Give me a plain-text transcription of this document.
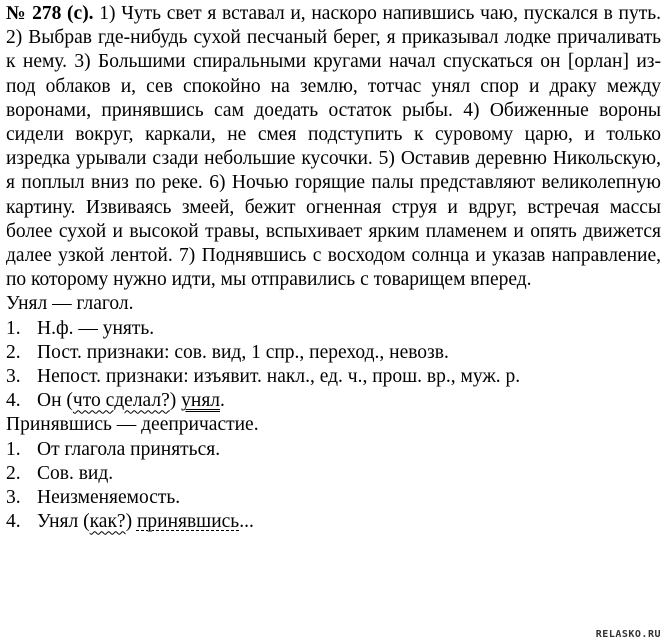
№ 278 (с). 1) Чуть свет я вставал и, наскоро напившись чаю, пускался в путь. 2) Выбрав где-нибудь сухой песчаный берег, я приказывал лодке причаливать к нему. 3) Большими спиральными кругами начал спускаться он [орлан] из-под облаков и, сев спокойно на землю, тотчас унял спор и драку между воронами, принявшись сам доедать остаток рыбы. 4) Обиженные вороны сидели вокруг, каркали, не смея подступить к суровому царю, и только изредка урывали сзади небольшие кусочки. 5) Оставив деревню Никольскую, я поплыл вниз по реке. 6) Ночью горящие палы представляют великолепную картину. Извиваясь змеей, бежит огненная струя и вдруг, встречая массы более сухой и высокой травы, вспыхивает ярким пламенем и опять движется далее узкой лентой. 7) Поднявшись с восходом солнца и указав направление, по которому нужно идти, мы отправились с товарищем вперед.

Унял — глагол.

1. Н.ф. — унять.
2. Пост. признаки: сов. вид, 1 спр., переход., невозв.
3. Непост. признаки: изъявит. накл., ед. ч., прош. вр., муж. р.
4. Он (что сделал?) унял.

Принявшись — деепричастие.

1. От глагола приняться.
2. Сов. вид.
3. Неизменяемость.
4. Унял (как?) принявшись...
RELASKO.RU
